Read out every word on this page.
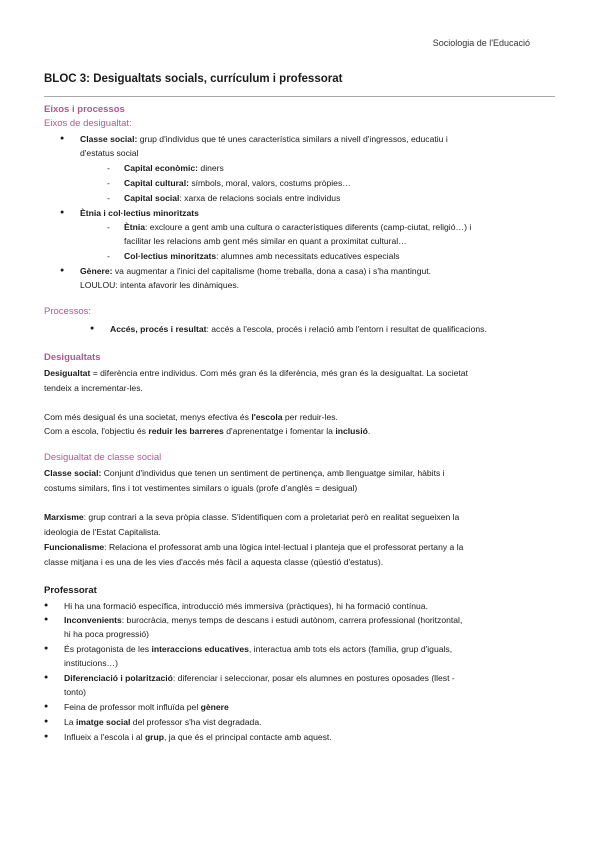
Sociologia de l'Educació
BLOC 3: Desigualtats socials, currículum i professorat
Eixos i processos
Eixos de desigualtat:
● Classe social: grup d'individus que té unes característica similars a nivell d'ingressos, educatiu i
d'estatus social
- Capital econòmic: diners
- Capital cultural: símbols, moral, valors, costums pròpies…
- Capital social: xarxa de relacions socials entre individus
● Ètnia i col·lectius minoritzats
- Ètnia: excloure a gent amb una cultura o característiques diferents (camp-ciutat, religió…) i
facilitar les relacions amb gent més similar en quant a proximitat cultural…
- Col·lectius minoritzats: alumnes amb necessitats educatives especials
● Gènere: va augmentar a l'inici del capitalisme (home treballa, dona a casa) i s'ha mantingut.
LOULOU: intenta afavorir les dinàmiques.
Processos:
● Accés, procés i resultat: accés a l'escola, procés i relació amb l'entorn i resultat de qualificacions.
Desigualtats
Desigualtat = diferència entre individus. Com més gran és la diferència, més gran és la desigualtat. La societat
tendeix a incrementar-les.
Com més desigual és una societat, menys efectiva és l'escola per reduir-les.
Com a escola, l'objectiu és reduir les barreres d'aprenentatge i fomentar la inclusió.
Desigualtat de classe social
Classe social: Conjunt d'individus que tenen un sentiment de pertinença, amb llenguatge similar, hàbits i
costums similars, fins i tot vestimentes similars o iguals (profe d'anglès = desigual)
Marxisme: grup contrari a la seva pròpia classe. S'identifiquen com a proletariat però en realitat segueixen la
ideologia de l'Estat Capitalista.
Funcionalisme: Relaciona el professorat amb una lògica intel·lectual i planteja que el professorat pertany a la
classe mitjana i es una de les vies d'accés més fàcil a aquesta classe (qüestió d'estatus).
Professorat
● Hi ha una formació específica, introducció més immersiva (pràctiques), hi ha formació contínua.
● Inconvenients: burocràcia, menys temps de descans i estudi autònom, carrera professional (horitzontal,
hi ha poca progressió)
● És protagonista de les interaccions educatives, interactua amb tots els actors (família, grup d'iguals,
institucions…)
● Diferenciació i polarització: diferenciar i seleccionar, posar els alumnes en postures oposades (llest -
tonto)
● Feina de professor molt influïda pel gènere
● La imatge social del professor s'ha vist degradada.
● Influeix a l'escola i al grup, ja que és el principal contacte amb aquest.
